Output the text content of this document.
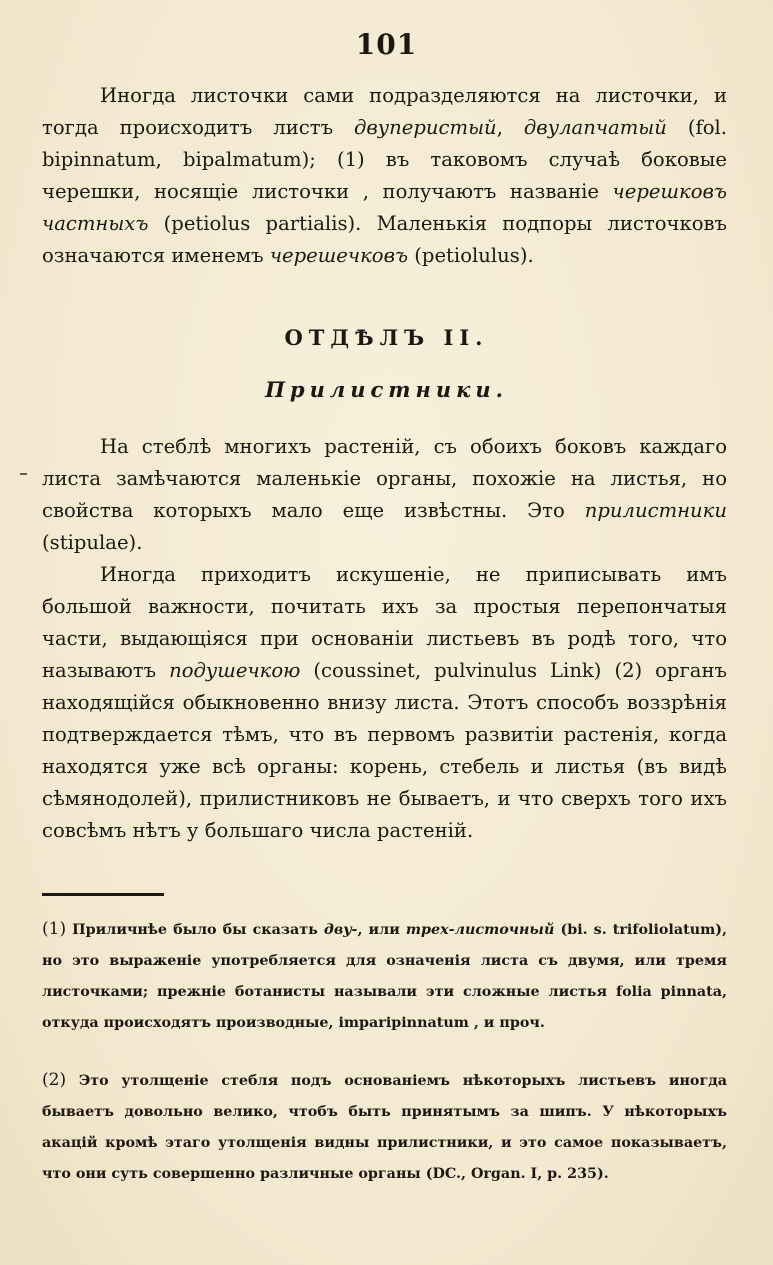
101
Иногда листочки сами подразделяются на листочки, и тогда происходитъ листъ двуперистый, двулапчатый (fol. bipinnatum, bipalmatum); (1) въ таковомъ случаѣ боковые черешки, носящіе листочки , получаютъ названіе черешковъ частныхъ (petiolus partialis). Маленькія подпоры листочковъ означаются именемъ черешечковъ (petiolulus).
ОТДѢЛЪ II.
Прилистники.
На стеблѣ многихъ растеній, съ обоихъ боковъ каждаго листа замѣчаются маленькіе органы, похожіе на листья, но свойства которыхъ мало еще извѣстны. Это прилистники (stipulae).
Иногда приходитъ искушеніе, не приписывать имъ большой важности, почитать ихъ за простыя перепончатыя части, выдающіяся при основаніи листьевъ въ родѣ того, что называютъ подушечкою (coussinet, pulvinulus Link) (2) органъ находящійся обыкновенно внизу листа. Этотъ способъ воззрѣнія подтверждается тѣмъ, что въ первомъ развитіи растенія, когда находятся уже всѣ органы: корень, стебель и листья (въ видѣ сѣмянодолей), прилистниковъ не бываетъ, и что сверхъ того ихъ совсѣмъ нѣтъ у большаго числа растеній.
(1) Приличнѣе было бы сказать двy-, или трех-листочный (bi. s. trifoliolatum), но это выраженіе употребляется для означенія листа съ двумя, или тремя листочками; прежніе ботанисты называли эти сложные листья folia pinnata, откуда происходятъ производные, imparipinnatum , и проч.
(2) Это утолщеніе стебля подъ основаніемъ нѣкоторыхъ листьевъ иногда бываетъ довольно велико, чтобъ быть принятымъ за шипъ. У нѣкоторыхъ акацій кромѣ этаго утолщенія видны прилистники, и это самое показываетъ, что они суть совершенно различные органы (DC., Organ. I, p. 235).
